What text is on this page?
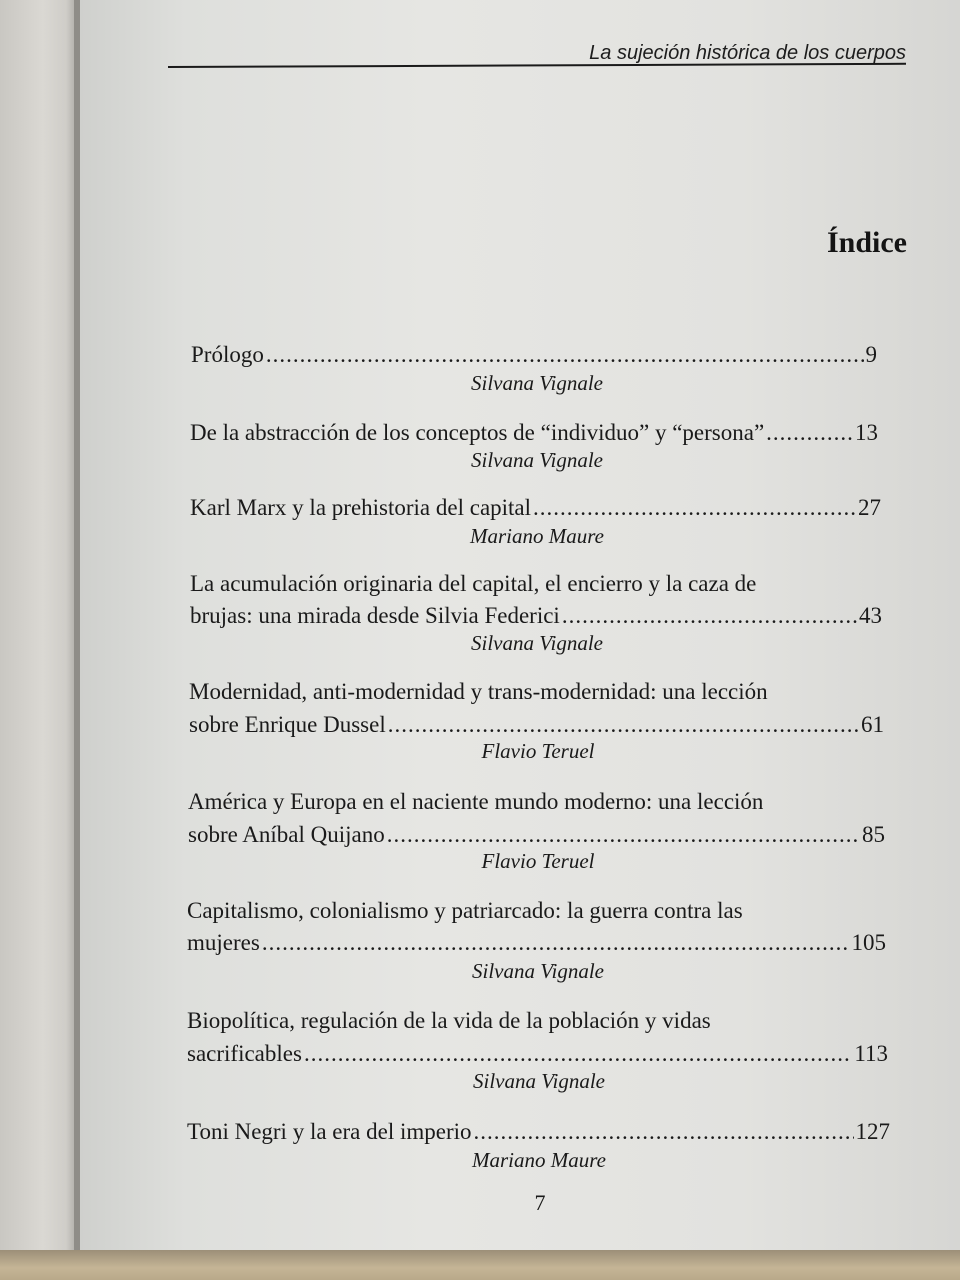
La sujeción histórica de los cuerpos
Índice
Prólogo .....	9
Silvana Vignale
De la abstracción de los conceptos de “individuo” y “persona” .....	13
Silvana Vignale
Karl Marx y la prehistoria del capital .....	27
Mariano Maure
La acumulación originaria del capital, el encierro y la caza de
brujas: una mirada desde Silvia Federici .....	43
Silvana Vignale
Modernidad, anti-modernidad y trans-modernidad: una lección
sobre Enrique Dussel .....	61
Flavio Teruel
América y Europa en el naciente mundo moderno: una lección
sobre Aníbal Quijano .....	85
Flavio Teruel
Capitalismo, colonialismo y patriarcado: la guerra contra las
mujeres .....	105
Silvana Vignale
Biopolítica, regulación de la vida de la población y vidas
sacrificables .....	113
Silvana Vignale
Toni Negri y la era del imperio .....	127
Mariano Maure
7
